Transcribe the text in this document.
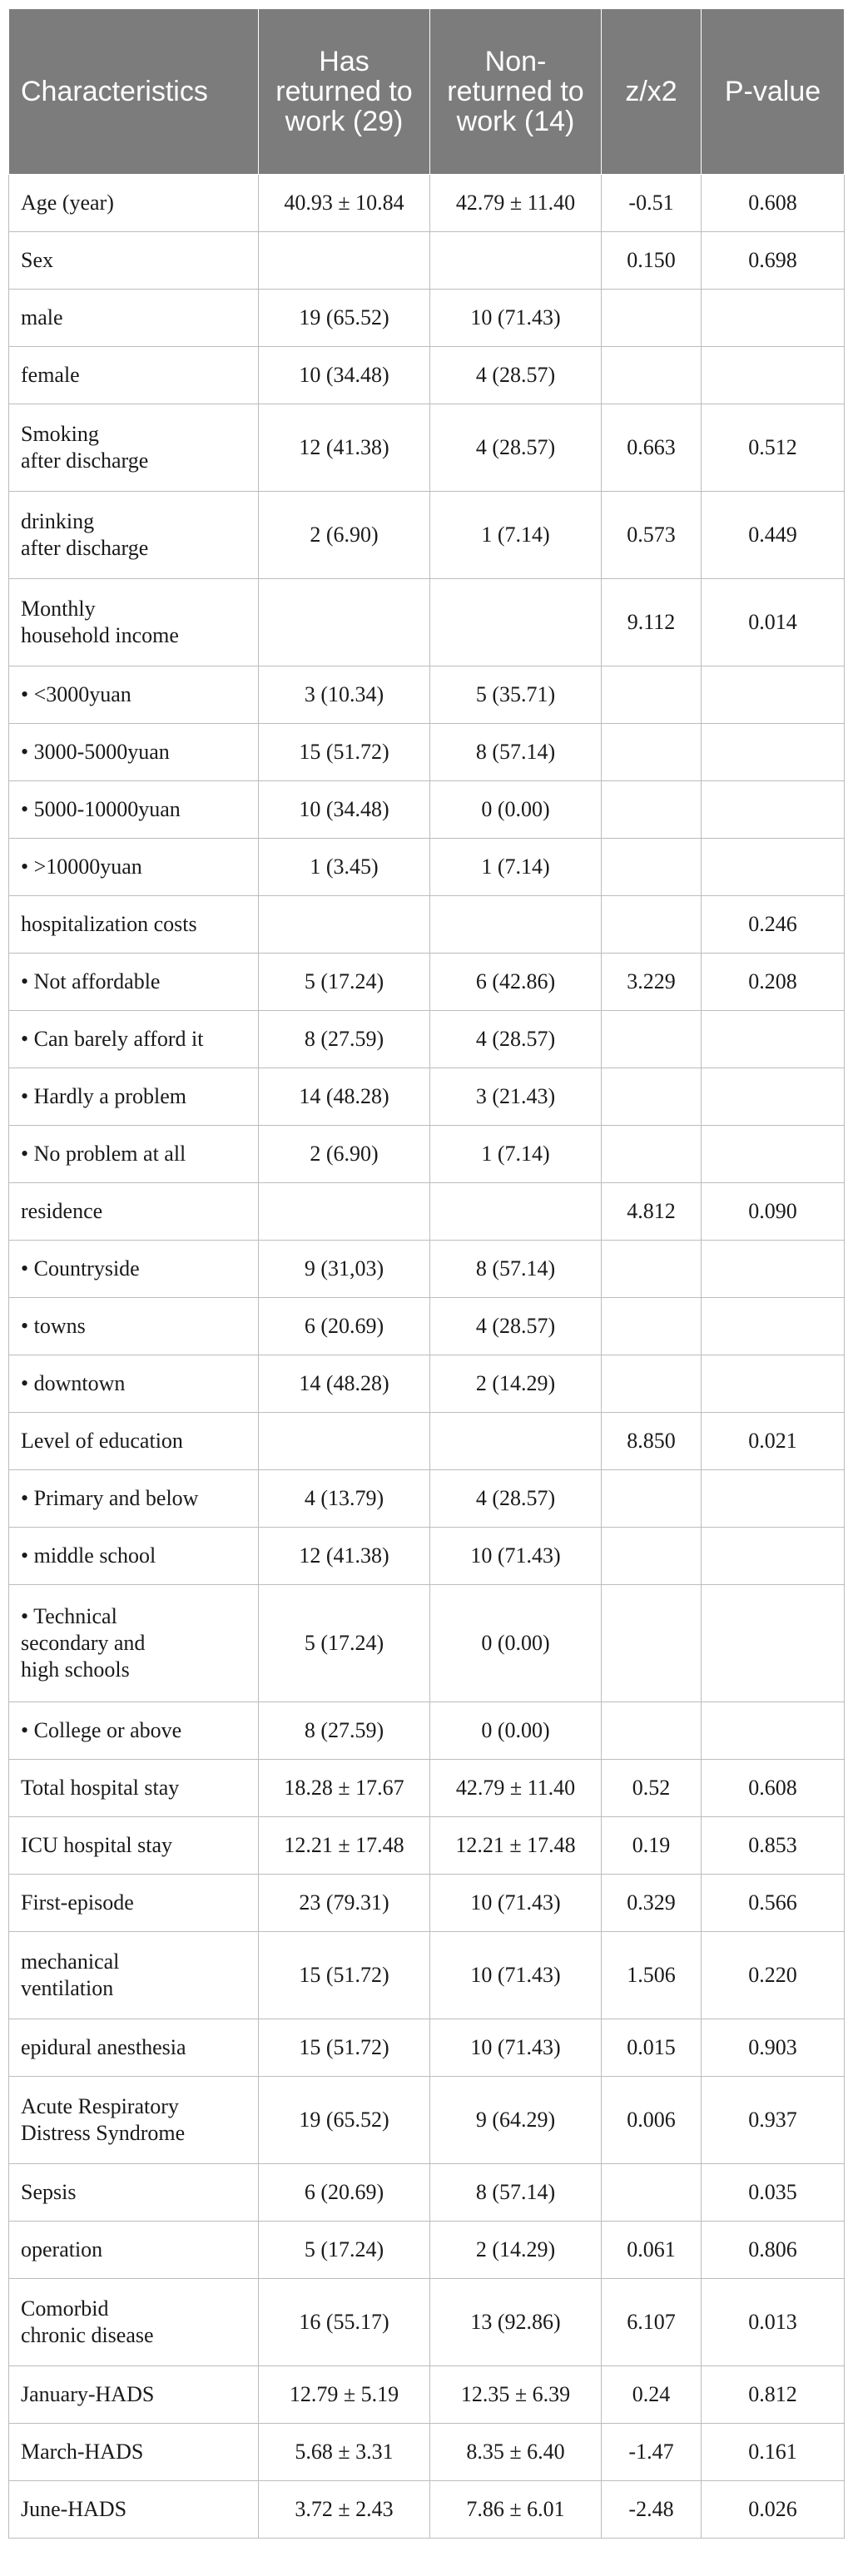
Characteristics	Has returned to work (29)	Non-returned to work (14)	z/x2	P-value
Age (year)	40.93 ± 10.84	42.79 ± 11.40	-0.51	0.608
Sex			0.150	0.698
male	19 (65.52)	10 (71.43)		
female	10 (34.48)	4 (28.57)		
Smoking
after discharge	12 (41.38)	4 (28.57)	0.663	0.512
drinking
after discharge	2 (6.90)	1 (7.14)	0.573	0.449
Monthly
household income			9.112	0.014
• <3000yuan	3 (10.34)	5 (35.71)		
• 3000-5000yuan	15 (51.72)	8 (57.14)		
• 5000-10000yuan	10 (34.48)	0 (0.00)		
• >10000yuan	1 (3.45)	1 (7.14)		
hospitalization costs				0.246
• Not affordable	5 (17.24)	6 (42.86)	3.229	0.208
• Can barely afford it	8 (27.59)	4 (28.57)		
• Hardly a problem	14 (48.28)	3 (21.43)		
• No problem at all	2 (6.90)	1 (7.14)		
residence			4.812	0.090
• Countryside	9 (31,03)	8 (57.14)		
• towns	6 (20.69)	4 (28.57)		
• downtown	14 (48.28)	2 (14.29)		
Level of education			8.850	0.021
• Primary and below	4 (13.79)	4 (28.57)		
• middle school	12 (41.38)	10 (71.43)		
• Technical
secondary and
high schools	5 (17.24)	0 (0.00)		
• College or above	8 (27.59)	0 (0.00)		
Total hospital stay	18.28 ± 17.67	42.79 ± 11.40	0.52	0.608
ICU hospital stay	12.21 ± 17.48	12.21 ± 17.48	0.19	0.853
First-episode	23 (79.31)	10 (71.43)	0.329	0.566
mechanical
ventilation	15 (51.72)	10 (71.43)	1.506	0.220
epidural anesthesia	15 (51.72)	10 (71.43)	0.015	0.903
Acute Respiratory
Distress Syndrome	19 (65.52)	9 (64.29)	0.006	0.937
Sepsis	6 (20.69)	8 (57.14)		0.035
operation	5 (17.24)	2 (14.29)	0.061	0.806
Comorbid
chronic disease	16 (55.17)	13 (92.86)	6.107	0.013
January-HADS	12.79 ± 5.19	12.35 ± 6.39	0.24	0.812
March-HADS	5.68 ± 3.31	8.35 ± 6.40	-1.47	0.161
June-HADS	3.72 ± 2.43	7.86 ± 6.01	-2.48	0.026
